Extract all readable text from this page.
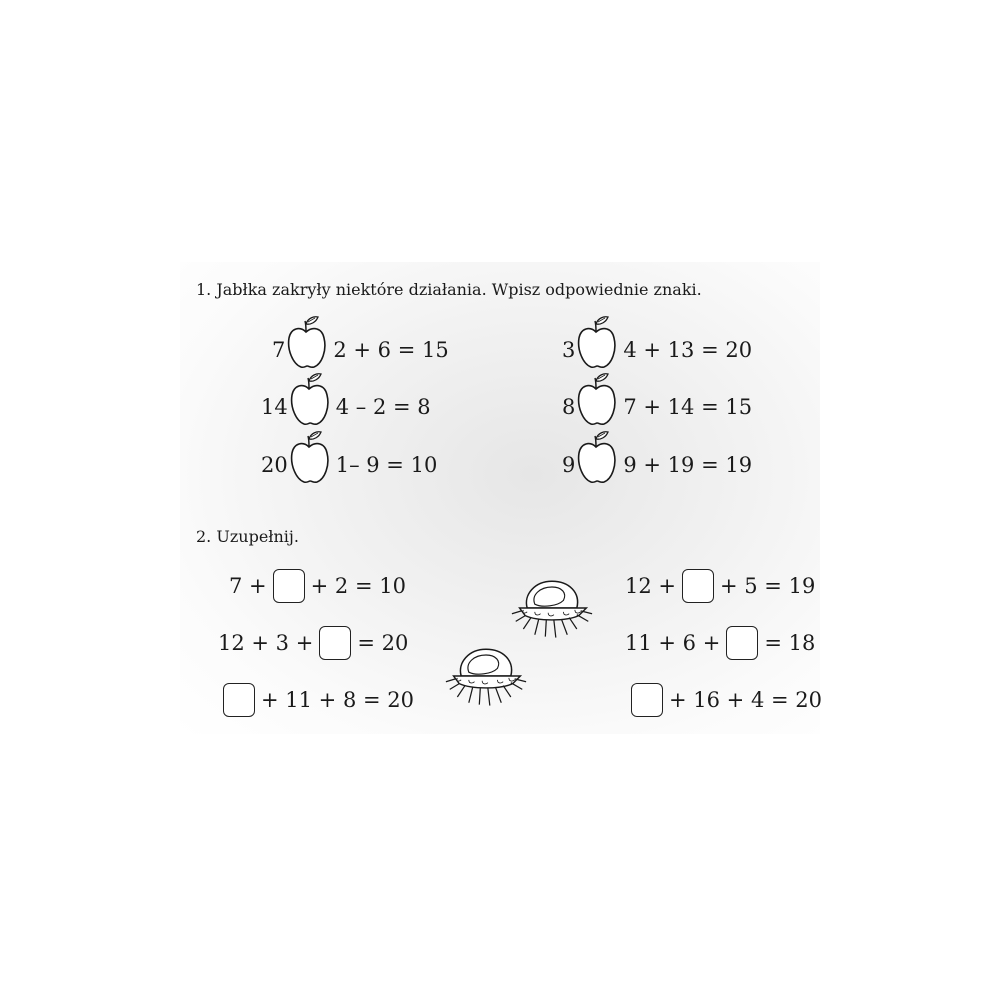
1. Jabłka zakryły niektóre działania. Wpisz odpowiednie znaki.
7 2 + 6 = 15	3 4 + 13 = 20
14 4 – 2 = 8	8 7 + 14 = 15
20 1– 9 = 10	9 9 + 19 = 19
2. Uzupełnij.
7 + + 2 = 10	12 + + 5 = 19
12 + 3 + = 20	11 + 6 + = 18
+ 11 + 8 = 20	+ 16 + 4 = 20
